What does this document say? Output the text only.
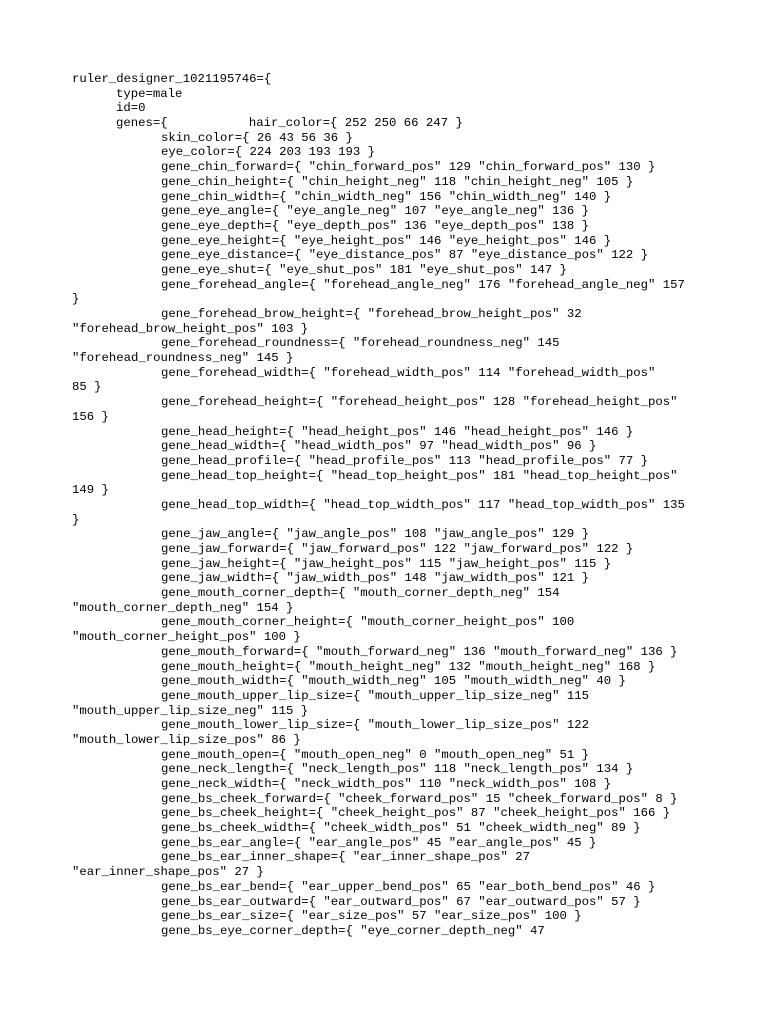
ruler_designer_1021195746={
type=male
id=0
genes={           hair_color={ 252 250 66 247 }
skin_color={ 26 43 56 36 }
eye_color={ 224 203 193 193 }
gene_chin_forward={ "chin_forward_pos" 129 "chin_forward_pos" 130 }
gene_chin_height={ "chin_height_neg" 118 "chin_height_neg" 105 }
gene_chin_width={ "chin_width_neg" 156 "chin_width_neg" 140 }
gene_eye_angle={ "eye_angle_neg" 107 "eye_angle_neg" 136 }
gene_eye_depth={ "eye_depth_pos" 136 "eye_depth_pos" 138 }
gene_eye_height={ "eye_height_pos" 146 "eye_height_pos" 146 }
gene_eye_distance={ "eye_distance_pos" 87 "eye_distance_pos" 122 }
gene_eye_shut={ "eye_shut_pos" 181 "eye_shut_pos" 147 }
gene_forehead_angle={ "forehead_angle_neg" 176 "forehead_angle_neg" 157
}
gene_forehead_brow_height={ "forehead_brow_height_pos" 32
"forehead_brow_height_pos" 103 }
gene_forehead_roundness={ "forehead_roundness_neg" 145
"forehead_roundness_neg" 145 }
gene_forehead_width={ "forehead_width_pos" 114 "forehead_width_pos"
85 }
gene_forehead_height={ "forehead_height_pos" 128 "forehead_height_pos"
156 }
gene_head_height={ "head_height_pos" 146 "head_height_pos" 146 }
gene_head_width={ "head_width_pos" 97 "head_width_pos" 96 }
gene_head_profile={ "head_profile_pos" 113 "head_profile_pos" 77 }
gene_head_top_height={ "head_top_height_pos" 181 "head_top_height_pos"
149 }
gene_head_top_width={ "head_top_width_pos" 117 "head_top_width_pos" 135
}
gene_jaw_angle={ "jaw_angle_pos" 108 "jaw_angle_pos" 129 }
gene_jaw_forward={ "jaw_forward_pos" 122 "jaw_forward_pos" 122 }
gene_jaw_height={ "jaw_height_pos" 115 "jaw_height_pos" 115 }
gene_jaw_width={ "jaw_width_pos" 148 "jaw_width_pos" 121 }
gene_mouth_corner_depth={ "mouth_corner_depth_neg" 154
"mouth_corner_depth_neg" 154 }
gene_mouth_corner_height={ "mouth_corner_height_pos" 100
"mouth_corner_height_pos" 100 }
gene_mouth_forward={ "mouth_forward_neg" 136 "mouth_forward_neg" 136 }
gene_mouth_height={ "mouth_height_neg" 132 "mouth_height_neg" 168 }
gene_mouth_width={ "mouth_width_neg" 105 "mouth_width_neg" 40 }
gene_mouth_upper_lip_size={ "mouth_upper_lip_size_neg" 115
"mouth_upper_lip_size_neg" 115 }
gene_mouth_lower_lip_size={ "mouth_lower_lip_size_pos" 122
"mouth_lower_lip_size_pos" 86 }
gene_mouth_open={ "mouth_open_neg" 0 "mouth_open_neg" 51 }
gene_neck_length={ "neck_length_pos" 118 "neck_length_pos" 134 }
gene_neck_width={ "neck_width_pos" 110 "neck_width_pos" 108 }
gene_bs_cheek_forward={ "cheek_forward_pos" 15 "cheek_forward_pos" 8 }
gene_bs_cheek_height={ "cheek_height_pos" 87 "cheek_height_pos" 166 }
gene_bs_cheek_width={ "cheek_width_pos" 51 "cheek_width_neg" 89 }
gene_bs_ear_angle={ "ear_angle_pos" 45 "ear_angle_pos" 45 }
gene_bs_ear_inner_shape={ "ear_inner_shape_pos" 27
"ear_inner_shape_pos" 27 }
gene_bs_ear_bend={ "ear_upper_bend_pos" 65 "ear_both_bend_pos" 46 }
gene_bs_ear_outward={ "ear_outward_pos" 67 "ear_outward_pos" 57 }
gene_bs_ear_size={ "ear_size_pos" 57 "ear_size_pos" 100 }
gene_bs_eye_corner_depth={ "eye_corner_depth_neg" 47
